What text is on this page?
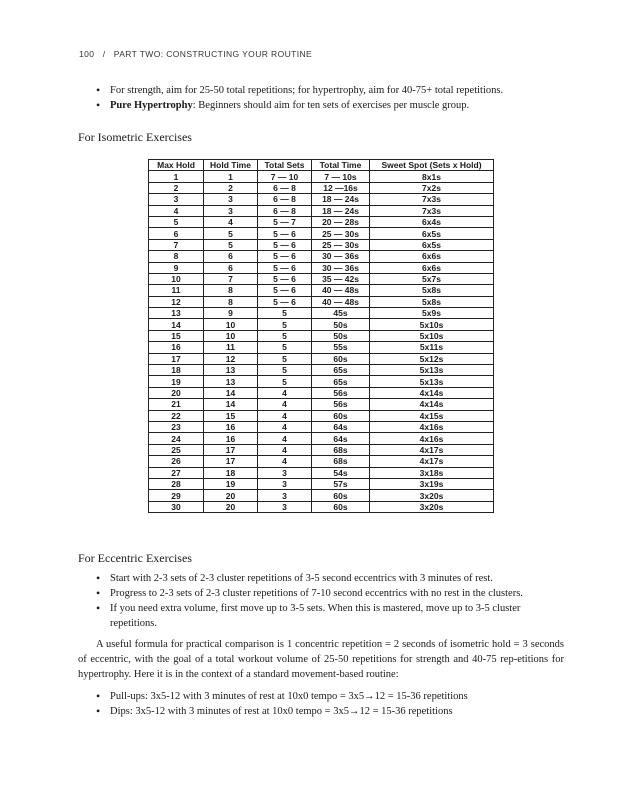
100 / PART TWO: CONSTRUCTING YOUR ROUTINE
• For strength, aim for 25-50 total repetitions; for hypertrophy, aim for 40-75+ total repetitions.
• Pure Hypertrophy: Beginners should aim for ten sets of exercises per muscle group.
For Isometric Exercises
Max Hold	Hold Time	Total Sets	Total Time	Sweet Spot (Sets x Hold)
1	1	7 — 10	7 — 10s	8x1s
2	2	6 — 8	12 —16s	7x2s
3	3	6 — 8	18 — 24s	7x3s
4	3	6 — 8	18 — 24s	7x3s
5	4	5 — 7	20 — 28s	6x4s
6	5	5 — 6	25 — 30s	6x5s
7	5	5 — 6	25 — 30s	6x5s
8	6	5 — 6	30 — 36s	6x6s
9	6	5 — 6	30 — 36s	6x6s
10	7	5 — 6	35 — 42s	5x7s
11	8	5 — 6	40 — 48s	5x8s
12	8	5 — 6	40 — 48s	5x8s
13	9	5	45s	5x9s
14	10	5	50s	5x10s
15	10	5	50s	5x10s
16	11	5	55s	5x11s
17	12	5	60s	5x12s
18	13	5	65s	5x13s
19	13	5	65s	5x13s
20	14	4	56s	4x14s
21	14	4	56s	4x14s
22	15	4	60s	4x15s
23	16	4	64s	4x16s
24	16	4	64s	4x16s
25	17	4	68s	4x17s
26	17	4	68s	4x17s
27	18	3	54s	3x18s
28	19	3	57s	3x19s
29	20	3	60s	3x20s
30	20	3	60s	3x20s
For Eccentric Exercises
• Start with 2-3 sets of 2-3 cluster repetitions of 3-5 second eccentrics with 3 minutes of rest.
• Progress to 2-3 sets of 2-3 cluster repetitions of 7-10 second eccentrics with no rest in the clusters.
• If you need extra volume, first move up to 3-5 sets. When this is mastered, move up to 3-5 cluster repetitions.

A useful formula for practical comparison is 1 concentric repetition = 2 seconds of isometric hold = 3 seconds of eccentric, with the goal of a total workout volume of 25-50 repetitions for strength and 40-75 rep-etitions for hypertrophy. Here it is in the context of a standard movement-based routine:

• Pull-ups: 3x5-12 with 3 minutes of rest at 10x0 tempo = 3x5→12 = 15-36 repetitions
• Dips: 3x5-12 with 3 minutes of rest at 10x0 tempo = 3x5→12 = 15-36 repetitions
